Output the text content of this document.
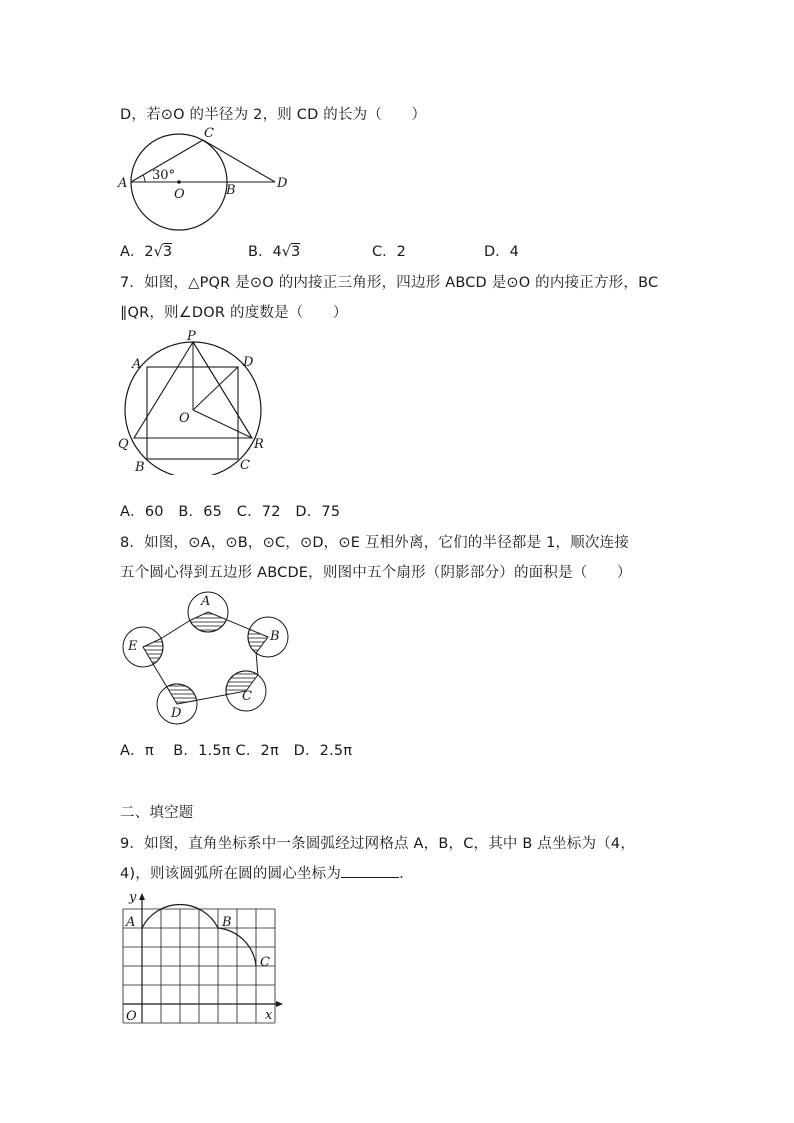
D，若⊙O 的半径为 2，则 CD 的长为（　　）
A
C
D
B
O
30°
A．2√3	B．4√3	C．2	D．4
7．如图，△PQR 是⊙O 的内接正三角形，四边形 ABCD 是⊙O 的内接正方形，BC
∥QR，则∠DOR 的度数是（　　）
P
A	D
O
Q	R
B	C
A．60　B．65　C．72　D．75
8．如图，⊙A，⊙B，⊙C，⊙D，⊙E 互相外离，它们的半径都是 1，顺次连接
五个圆心得到五边形 ABCDE，则图中五个扇形（阴影部分）的面积是（　　）
A
B
C
D
E
A．π　 B．1.5π C．2π　D．2.5π
二、填空题
9．如图，直角坐标系中一条圆弧经过网格点 A，B，C，其中 B 点坐标为（4，
4)，则该圆弧所在圆的圆心坐标为	.
y
x
O
A	B
C
